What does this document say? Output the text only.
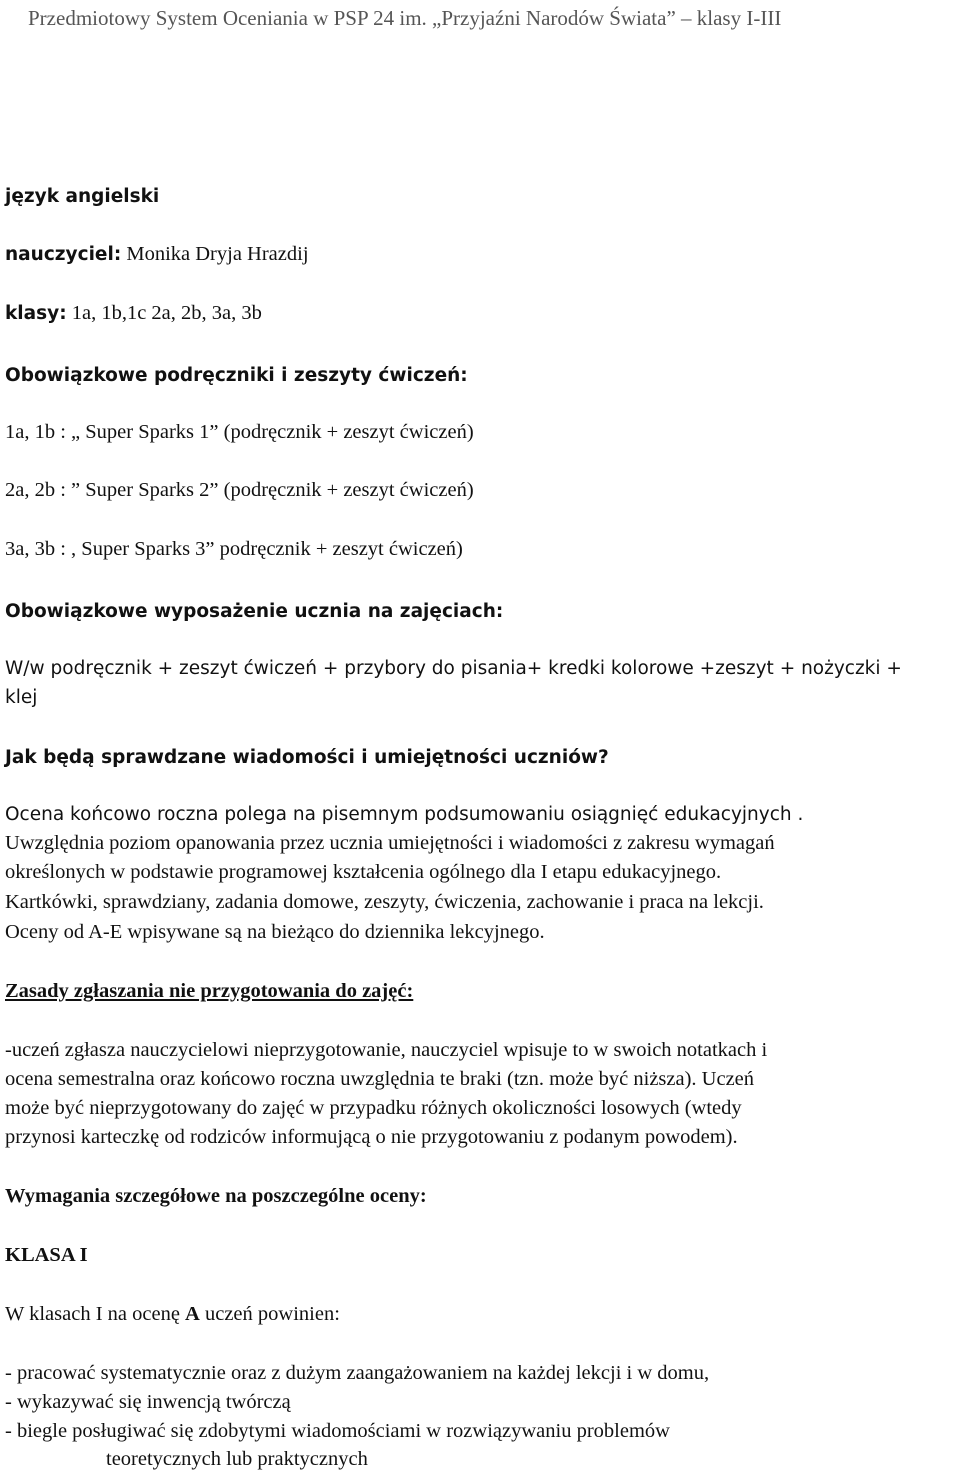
Przedmiotowy System Oceniania w PSP 24 im. „Przyjaźni Narodów Świata” – klasy I-III
język angielski
nauczyciel: Monika Dryja Hrazdij
klasy: 1a, 1b,1c 2a, 2b, 3a, 3b
Obowiązkowe podręczniki i zeszyty ćwiczeń:
1a, 1b : „ Super Sparks 1” (podręcznik + zeszyt ćwiczeń)
2a, 2b : ” Super Sparks 2” (podręcznik + zeszyt ćwiczeń)
3a, 3b : , Super Sparks 3” podręcznik + zeszyt ćwiczeń)
Obowiązkowe wyposażenie ucznia na zajęciach:
W/w podręcznik + zeszyt ćwiczeń + przybory do pisania+ kredki kolorowe +zeszyt + nożyczki + klej
Jak będą sprawdzane wiadomości i umiejętności uczniów?
Ocena końcowo roczna polega na pisemnym podsumowaniu osiągnięć edukacyjnych .
Uwzględnia poziom opanowania przez ucznia umiejętności i wiadomości z zakresu wymagań
określonych w podstawie programowej kształcenia ogólnego dla I etapu edukacyjnego.
Kartkówki, sprawdziany, zadania domowe, zeszyty, ćwiczenia, zachowanie i praca na lekcji.
Oceny od A-E wpisywane są na bieżąco do dziennika lekcyjnego.
Zasady zgłaszania nie przygotowania do zajęć:
-uczeń zgłasza nauczycielowi nieprzygotowanie, nauczyciel wpisuje to w swoich notatkach i
ocena semestralna oraz końcowo roczna uwzględnia te braki (tzn. może być niższa). Uczeń
może być nieprzygotowany do zajęć w przypadku różnych okoliczności losowych (wtedy
przynosi karteczkę od rodziców informującą o nie przygotowaniu z podanym powodem).
Wymagania szczegółowe na poszczególne oceny:
KLASA I
W klasach I na ocenę A uczeń powinien:
- pracować systematycznie oraz z dużym zaangażowaniem na każdej lekcji i w domu,
- wykazywać się inwencją twórczą
- biegle posługiwać się zdobytymi wiadomościami w rozwiązywaniu problemów
teoretycznych lub praktycznych
